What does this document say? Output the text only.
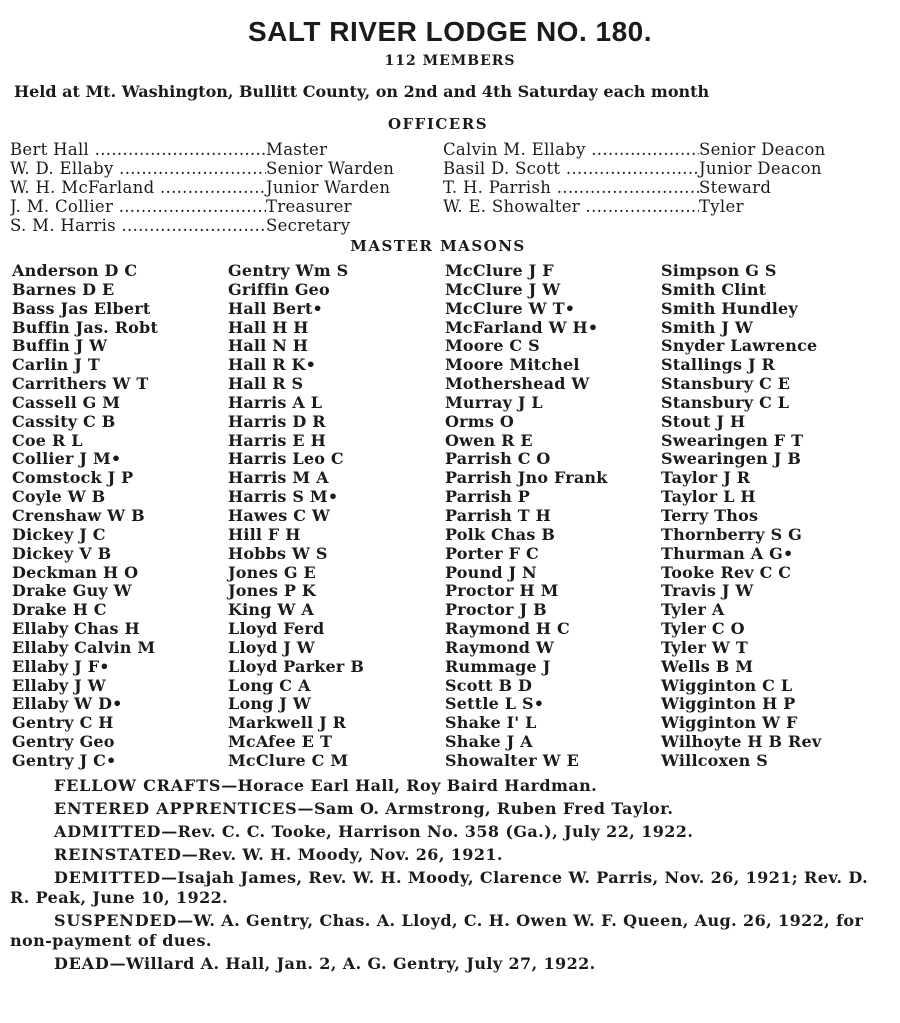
SALT RIVER LODGE NO. 180.
112 MEMBERS
Held at Mt. Washington, Bullitt County, on 2nd and 4th Saturday each month
OFFICERS
Bert Hall .....	Master
W. D. Ellaby .....	Senior Warden
W. H. McFarland .....	Junior Warden
J. M. Collier .....	Treasurer
S. M. Harris .....	Secretary
Calvin M. Ellaby .....	Senior Deacon
Basil D. Scott .....	Junior Deacon
T. H. Parrish .....	Steward
W. E. Showalter .....	Tyler
MASTER MASONS
Anderson D C
Barnes D E
Bass Jas Elbert
Buffin Jas. Robt
Buffin J W
Carlin J T
Carrithers W T
Cassell G M
Cassity C B
Coe R L
Collier J M•
Comstock J P
Coyle W B
Crenshaw W B
Dickey J C
Dickey V B
Deckman H O
Drake Guy W
Drake H C
Ellaby Chas H
Ellaby Calvin M
Ellaby J F•
Ellaby J W
Ellaby W D•
Gentry C H
Gentry Geo
Gentry J C•
Gentry Wm S
Griffin Geo
Hall Bert•
Hall H H
Hall N H
Hall R K•
Hall R S
Harris A L
Harris D R
Harris E H
Harris Leo C
Harris M A
Harris S M•
Hawes C W
Hill F H
Hobbs W S
Jones G E
Jones P K
King W A
Lloyd Ferd
Lloyd J W
Lloyd Parker B
Long C A
Long J W
Markwell J R
McAfee E T
McClure C M
McClure J F
McClure J W
McClure W T•
McFarland W H•
Moore C S
Moore Mitchel
Mothershead W
Murray J L
Orms O
Owen R E
Parrish C O
Parrish Jno Frank
Parrish P
Parrish T H
Polk Chas B
Porter F C
Pound J N
Proctor H M
Proctor J B
Raymond H C
Raymond W
Rummage J
Scott B D
Settle L S•
Shake I' L
Shake J A
Showalter W E
Simpson G S
Smith Clint
Smith Hundley
Smith J W
Snyder Lawrence
Stallings J R
Stansbury C E
Stansbury C L
Stout J H
Swearingen F T
Swearingen J B
Taylor J R
Taylor L H
Terry Thos
Thornberry S G
Thurman A G•
Tooke Rev C C
Travis J W
Tyler A
Tyler C O
Tyler W T
Wells B M
Wigginton C L
Wigginton H P
Wigginton W F
Wilhoyte H B Rev
Willcoxen S

FELLOW CRAFTS—Horace Earl Hall, Roy Baird Hardman.

ENTERED APPRENTICES—Sam O. Armstrong, Ruben Fred Taylor.

ADMITTED—Rev. C. C. Tooke, Harrison No. 358 (Ga.), July 22, 1922.

REINSTATED—Rev. W. H. Moody, Nov. 26, 1921.

DEMITTED—Isajah James, Rev. W. H. Moody, Clarence W. Parris, Nov. 26, 1921; Rev. D. R. Peak, June 10, 1922.

SUSPENDED—W. A. Gentry, Chas. A. Lloyd, C. H. Owen W. F. Queen, Aug. 26, 1922, for non-payment of dues.

DEAD—Willard A. Hall, Jan. 2, A. G. Gentry, July 27, 1922.
